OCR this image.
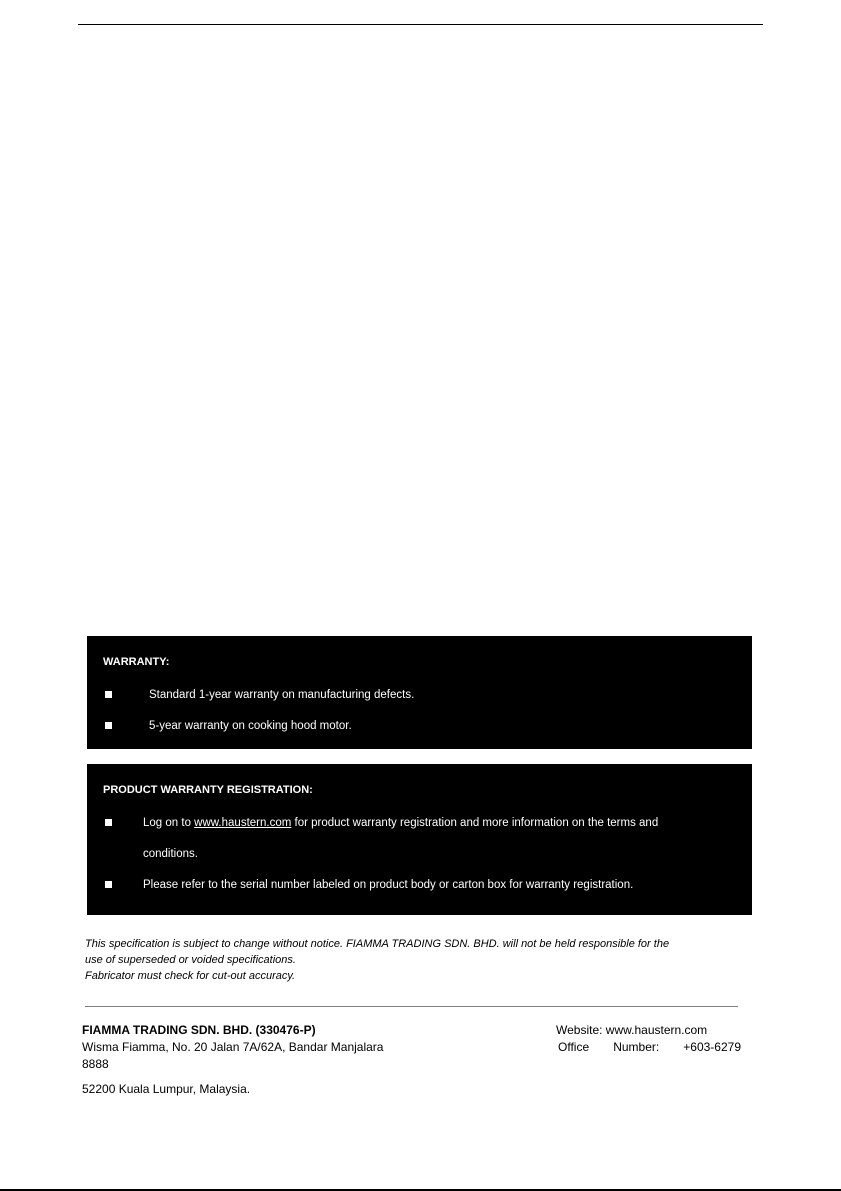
WARRANTY:
Standard 1-year warranty on manufacturing defects.
5-year warranty on cooking hood motor.
PRODUCT WARRANTY REGISTRATION:
Log on to www.haustern.com for product warranty registration and more information on the terms and
conditions.
Please refer to the serial number labeled on product body or carton box for warranty registration.
This specification is subject to change without notice. FIAMMA TRADING SDN. BHD. will not be held responsible for the
use of superseded or voided specifications.
Fabricator must check for cut-out accuracy.
FIAMMA TRADING SDN. BHD. (330476-P)
Wisma Fiamma, No. 20 Jalan 7A/62A, Bandar Manjalara
8888
52200 Kuala Lumpur, Malaysia.
Website: www.haustern.com
Office Number: +603-6279
